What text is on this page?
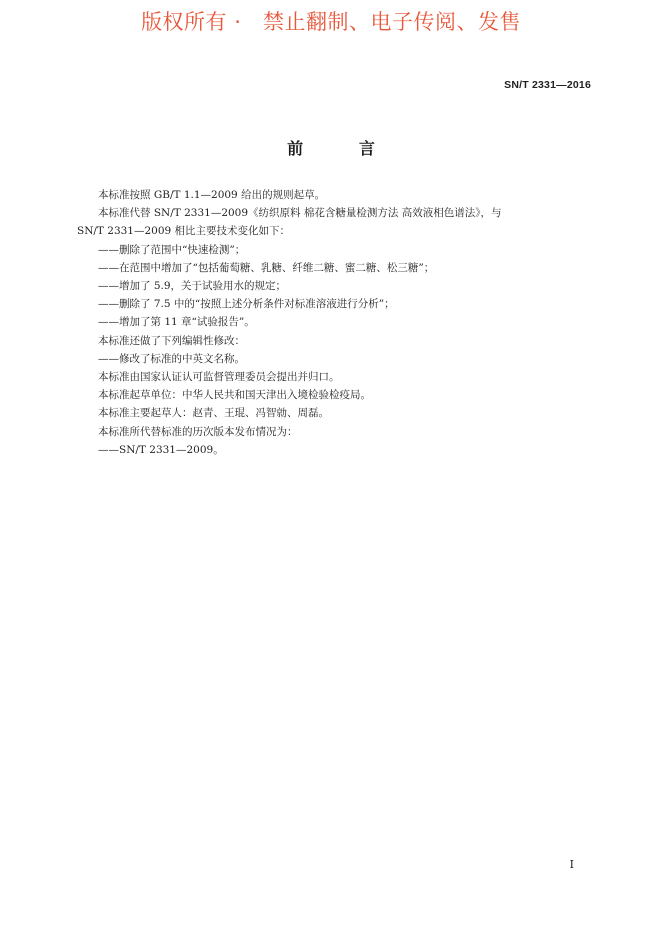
版权所有 ·   禁止翻制、电子传阅、发售
SN/T 2331—2016
前          言

本标准按照 GB/T 1.1—2009 给出的规则起草。

本标准代替 SN/T 2331—2009《纺织原料 棉花含糖量检测方法 高效液相色谱法》，与

SN/T 2331—2009 相比主要技术变化如下：

——删除了范围中“快速检测”；

——在范围中增加了“包括葡萄糖、乳糖、纤维二糖、蜜二糖、松三糖”；

——增加了 5.9，关于试验用水的规定；

——删除了 7.5 中的“按照上述分析条件对标准溶液进行分析”；

——增加了第 11 章“试验报告”。

本标准还做了下列编辑性修改：

——修改了标准的中英文名称。

本标准由国家认证认可监督管理委员会提出并归口。

本标准起草单位：中华人民共和国天津出入境检验检疫局。

本标准主要起草人：赵青、王琨、冯智勍、周磊。

本标准所代替标准的历次版本发布情况为：

——SN/T 2331—2009。

I
